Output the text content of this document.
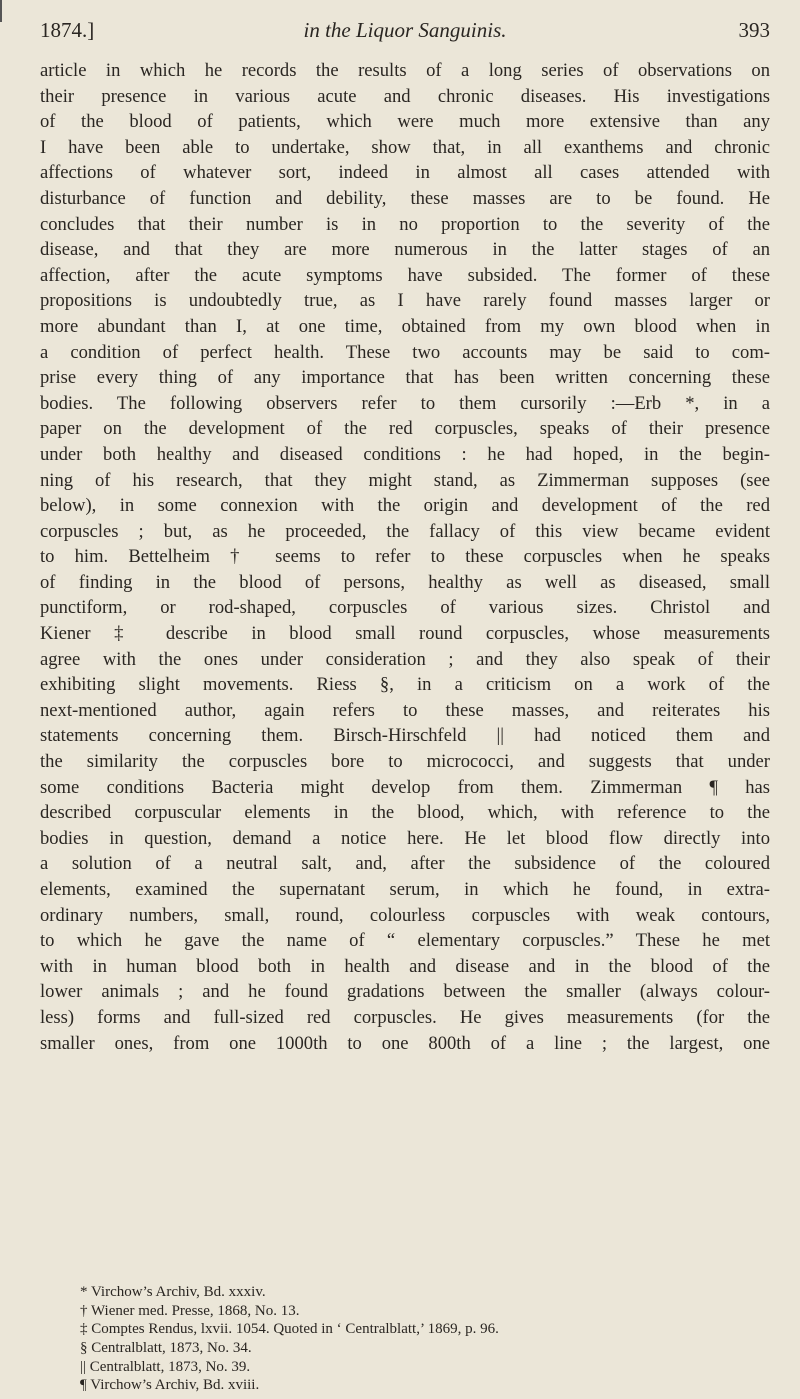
1874.]	in the Liquor Sanguinis.	393
article in which he records the results of a long series of observations on
their presence in various acute and chronic diseases. His investigations
of the blood of patients, which were much more extensive than any
I have been able to undertake, show that, in all exanthems and chronic
affections of whatever sort, indeed in almost all cases attended with
disturbance of function and debility, these masses are to be found. He
concludes that their number is in no proportion to the severity of the
disease, and that they are more numerous in the latter stages of an
affection, after the acute symptoms have subsided. The former of these
propositions is undoubtedly true, as I have rarely found masses larger or
more abundant than I, at one time, obtained from my own blood when in
a condition of perfect health. These two accounts may be said to com-
prise every thing of any importance that has been written concerning these
bodies. The following observers refer to them cursorily :—Erb *, in a
paper on the development of the red corpuscles, speaks of their presence
under both healthy and diseased conditions : he had hoped, in the begin-
ning of his research, that they might stand, as Zimmerman supposes (see
below), in some connexion with the origin and development of the red
corpuscles ; but, as he proceeded, the fallacy of this view became evident
to him. Bettelheim † seems to refer to these corpuscles when he speaks
of finding in the blood of persons, healthy as well as diseased, small
punctiform, or rod-shaped, corpuscles of various sizes. Christol and
Kiener ‡ describe in blood small round corpuscles, whose measurements
agree with the ones under consideration ; and they also speak of their
exhibiting slight movements. Riess §, in a criticism on a work of the
next-mentioned author, again refers to these masses, and reiterates his
statements concerning them. Birsch-Hirschfeld || had noticed them and
the similarity the corpuscles bore to micrococci, and suggests that under
some conditions Bacteria might develop from them. Zimmerman ¶ has
described corpuscular elements in the blood, which, with reference to the
bodies in question, demand a notice here. He let blood flow directly into
a solution of a neutral salt, and, after the subsidence of the coloured
elements, examined the supernatant serum, in which he found, in extra-
ordinary numbers, small, round, colourless corpuscles with weak contours,
to which he gave the name of “ elementary corpuscles.” These he met
with in human blood both in health and disease and in the blood of the
lower animals ; and he found gradations between the smaller (always colour-
less) forms and full-sized red corpuscles. He gives measurements (for the
smaller ones, from one 1000th to one 800th of a line ; the largest, one
* Virchow’s Archiv, Bd. xxxiv.
† Wiener med. Presse, 1868, No. 13.
‡ Comptes Rendus, lxvii. 1054. Quoted in ‘ Centralblatt,’ 1869, p. 96.
§ Centralblatt, 1873, No. 34.
|| Centralblatt, 1873, No. 39.
¶ Virchow’s Archiv, Bd. xviii.
